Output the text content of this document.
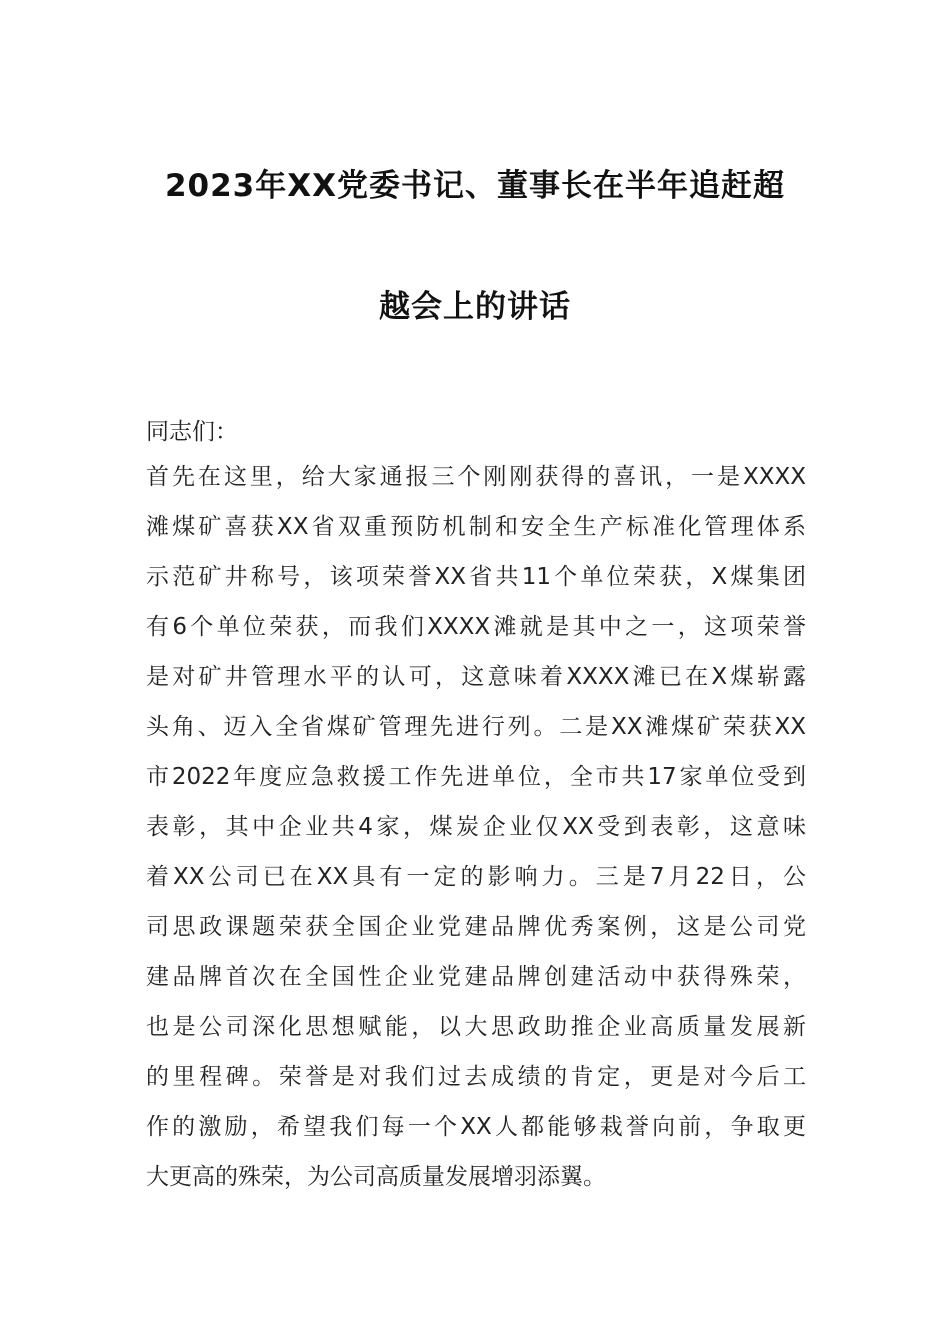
2023年XX党委书记、董事长在半年追赶超
越会上的讲话
同志们：
首先在这里，给大家通报三个刚刚获得的喜讯，一是XXXX
滩煤矿喜获XX省双重预防机制和安全生产标准化管理体系
示范矿井称号，该项荣誉XX省共11个单位荣获，X煤集团
有6个单位荣获，而我们XXXX滩就是其中之一，这项荣誉
是对矿井管理水平的认可，这意味着XXXX滩已在X煤崭露
头角、迈入全省煤矿管理先进行列。二是XX滩煤矿荣获XX
市2022年度应急救援工作先进单位，全市共17家单位受到
表彰，其中企业共4家，煤炭企业仅XX受到表彰，这意味
着XX公司已在XX具有一定的影响力。三是7月22日，公
司思政课题荣获全国企业党建品牌优秀案例，这是公司党
建品牌首次在全国性企业党建品牌创建活动中获得殊荣，
也是公司深化思想赋能，以大思政助推企业高质量发展新
的里程碑。荣誉是对我们过去成绩的肯定，更是对今后工
作的激励，希望我们每一个XX人都能够栽誉向前，争取更
大更高的殊荣，为公司高质量发展增羽添翼。
